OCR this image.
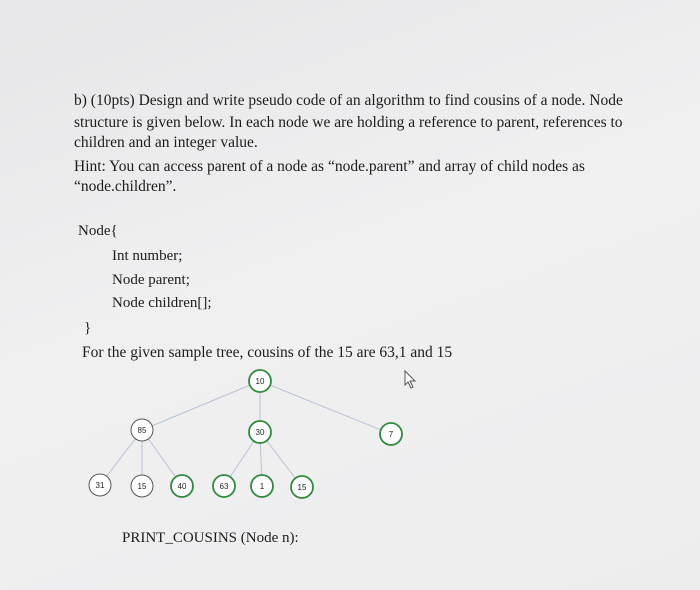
b) (10pts) Design and write pseudo code of an algorithm to find cousins of a node. Node
structure is given below. In each node we are holding a reference to parent, references to
children and an integer value.
Hint: You can access parent of a node as “node.parent” and array of child nodes as
“node.children”.
Node{
Int number;
Node parent;
Node children[];
}
For the given sample tree, cousins of the 15 are 63,1 and 15
10
85	30	7
31	15	40	63	1	15
PRINT_COUSINS (Node n):
